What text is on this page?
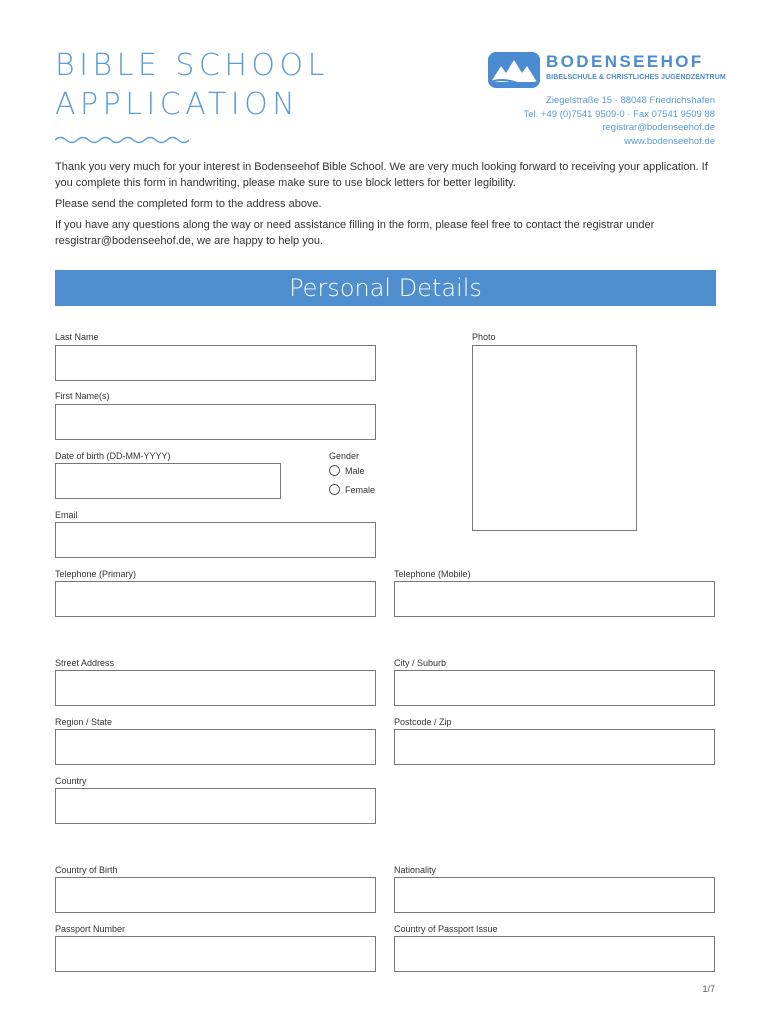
BIBLE SCHOOL
APPLICATION
BODENSEEHOF
BIBELSCHULE & CHRISTLICHES JUGENDZENTRUM
Ziegelstraße 15 · 88048 Friedrichshafen
Tel. +49 (0)7541 9509-0 · Fax 07541 9509 88
registrar@bodenseehof.de
www.bodenseehof.de

Thank you very much for your interest in Bodenseehof Bible School. We are very much looking forward to receiving your application. If you complete this form in handwriting, please make sure to use block letters for better legibility.

Please send the completed form to the address above.

If you have any questions along the way or need assistance filling in the form, please feel free to contact the registrar under resgistrar@bodenseehof.de, we are happy to help you.

Personal Details
Last Name	Photo
First Name(s)
Date of birth (DD-MM-YYYY)	Gender
Male
Female
Email
Telephone (Primary)	Telephone (Mobile)
Street Address	City / Suburb
Region / State	Postcode / Zip
Country
Country of Birth	Nationality
Passport Number	Country of Passport Issue
1/7
